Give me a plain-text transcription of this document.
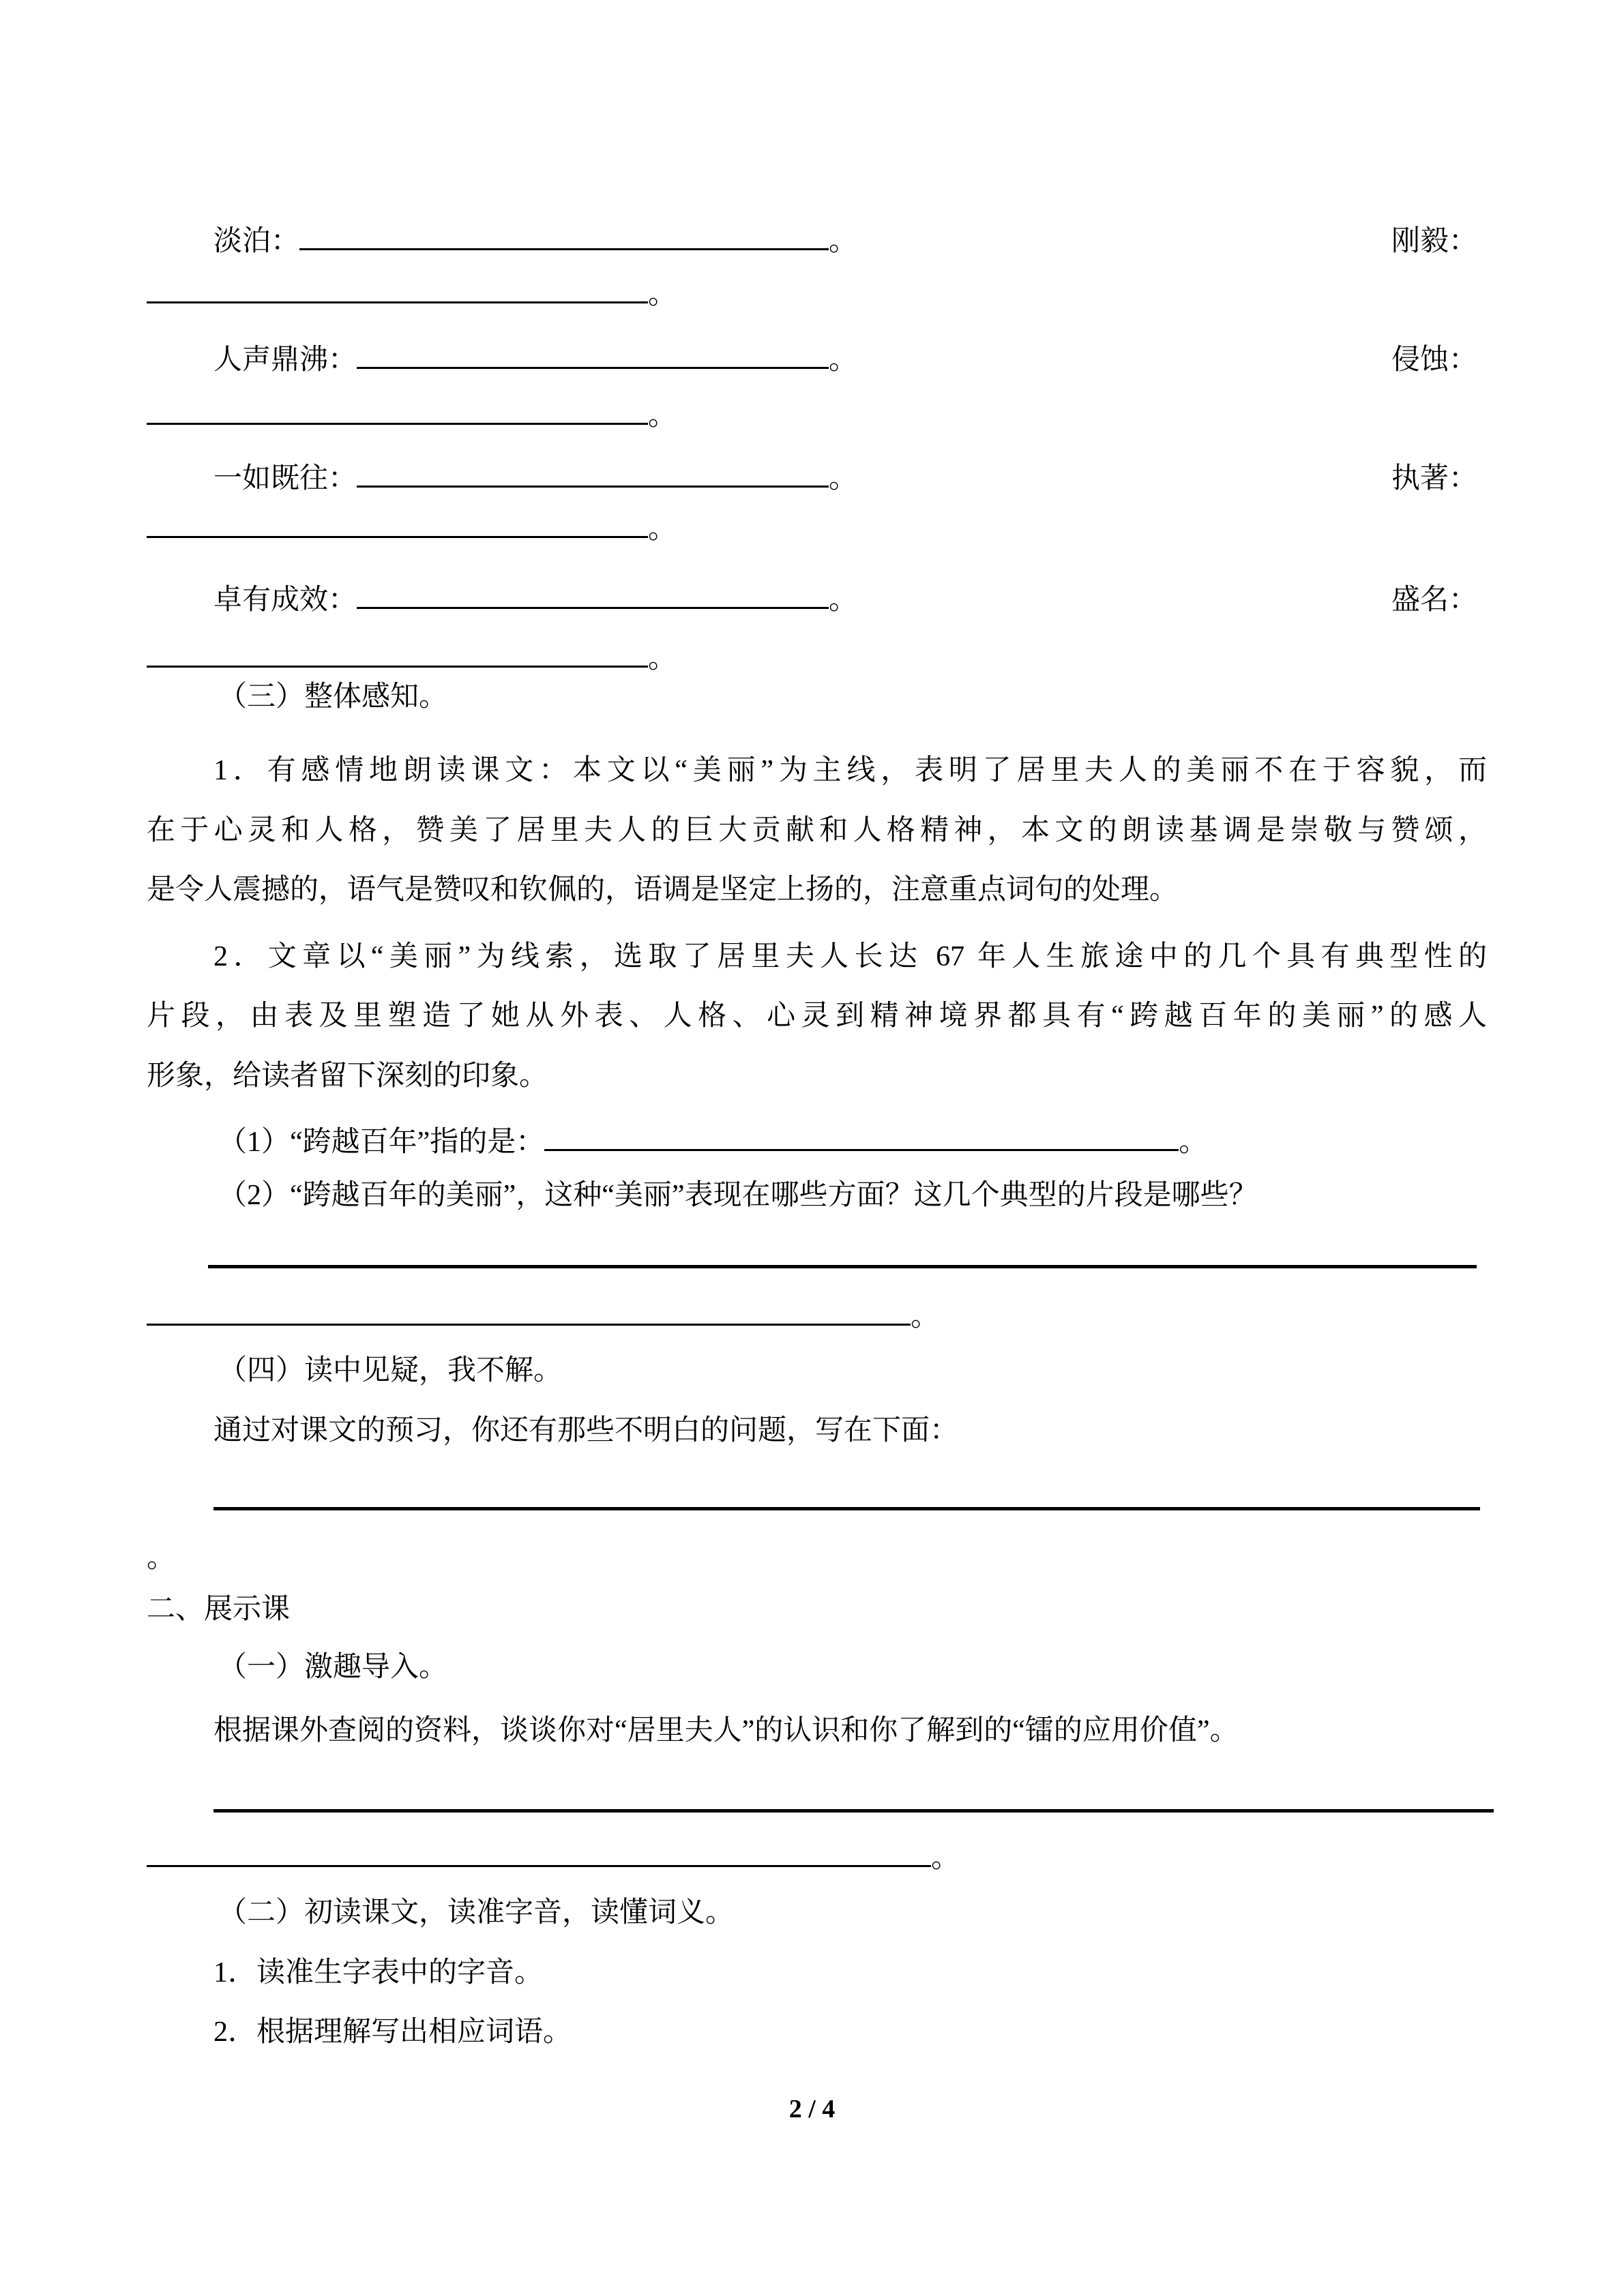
淡泊：	。	刚毅：
。
人声鼎沸：	。	侵蚀：
。
一如既往：	。	执著：
。
卓有成效：	。	盛名：
。
（三）整体感知。
1．有感情地朗读课文：本文以“美丽”为主线，表明了居里夫人的美丽不在于容貌，而
在于心灵和人格，赞美了居里夫人的巨大贡献和人格精神，本文的朗读基调是崇敬与赞颂，
是令人震撼的，语气是赞叹和钦佩的，语调是坚定上扬的，注意重点词句的处理。
2．文章以“美丽”为线索，选取了居里夫人长达 67 年人生旅途中的几个具有典型性的
片段，由表及里塑造了她从外表、人格、心灵到精神境界都具有“跨越百年的美丽”的感人
形象，给读者留下深刻的印象。
（1）“跨越百年”指的是：	。
（2）“跨越百年的美丽”，这种“美丽”表现在哪些方面？这几个典型的片段是哪些？
。
（四）读中见疑，我不解。
通过对课文的预习，你还有那些不明白的问题，写在下面：
。
二、展示课
（一）激趣导入。
根据课外查阅的资料，谈谈你对“居里夫人”的认识和你了解到的“镭的应用价值”。
。
（二）初读课文，读准字音，读懂词义。
1．读准生字表中的字音。
2．根据理解写出相应词语。
2 / 4
